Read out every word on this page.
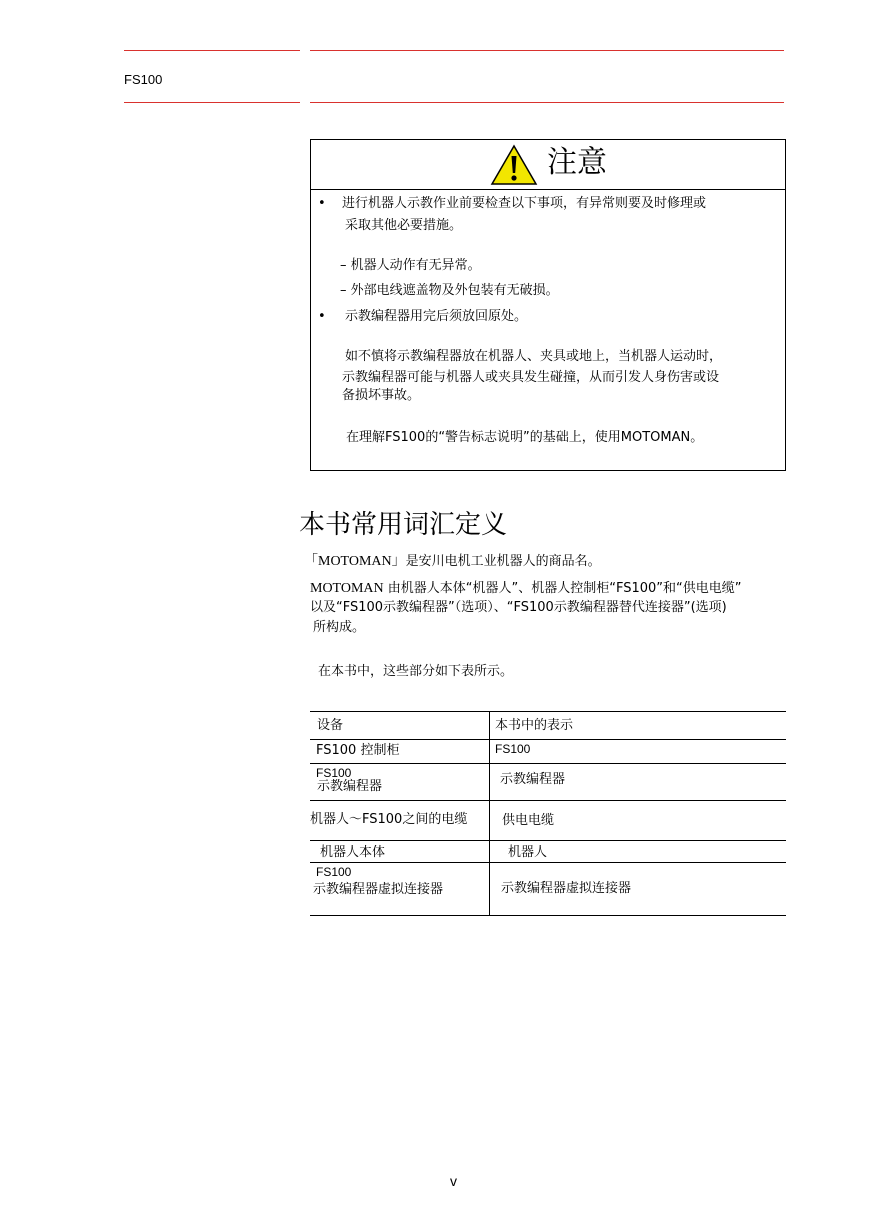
FS100
注意
• 进行机器人示教作业前要检查以下事项，有异常则要及时修理或
采取其他必要措施。
– 机器人动作有无异常。
– 外部电线遮盖物及外包装有无破损。
• 示教编程器用完后须放回原处。
如不慎将示教编程器放在机器人、夹具或地上，当机器人运动时，
示教编程器可能与机器人或夹具发生碰撞，从而引发人身伤害或设
备损坏事故。
在理解FS100的“警告标志说明”的基础上，使用MOTOMAN。
本书常用词汇定义
「MOTOMAN」是安川电机工业机器人的商品名。
MOTOMAN 由机器人本体“机器人”、机器人控制柜“FS100”和“供电电缆”
以及“FS100示教编程器”（选项）、“FS100示教编程器替代连接器”(选项)
所构成。
在本书中，这些部分如下表所示。
设备	本书中的表示
FS100 控制柜	FS100
FS100
示教编程器	示教编程器
机器人～FS100之间的电缆	供电电缆
机器人本体	机器人
FS100
示教编程器虚拟连接器	示教编程器虚拟连接器
v
